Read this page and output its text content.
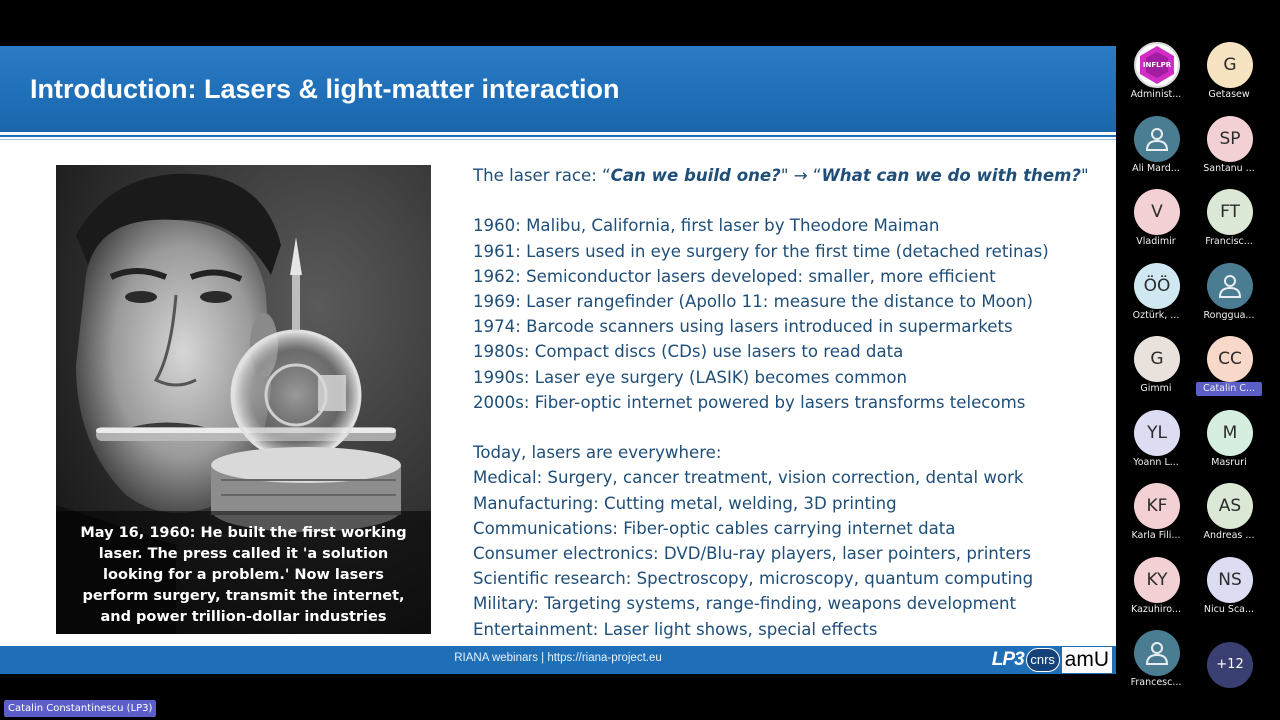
Introduction: Lasers & light-matter interaction
May 16, 1960: He built the first working laser. The press called it 'a solution looking for a problem.' Now lasers perform surgery, transmit the internet, and power trillion-dollar industries
The laser race: “Can we build one?" → “What can we do with them?"
1960: Malibu, California, first laser by Theodore Maiman
1961: Lasers used in eye surgery for the first time (detached retinas)
1962: Semiconductor lasers developed: smaller, more efficient
1969: Laser rangefinder (Apollo 11: measure the distance to Moon)
1974: Barcode scanners using lasers introduced in supermarkets
1980s: Compact discs (CDs) use lasers to read data
1990s: Laser eye surgery (LASIK) becomes common
2000s: Fiber-optic internet powered by lasers transforms telecoms
Today, lasers are everywhere:
Medical: Surgery, cancer treatment, vision correction, dental work
Manufacturing: Cutting metal, welding, 3D printing
Communications: Fiber-optic cables carrying internet data
Consumer electronics: DVD/Blu-ray players, laser pointers, printers
Scientific research: Spectroscopy, microscopy, quantum computing
Military: Targeting systems, range-finding, weapons development
Entertainment: Laser light shows, special effects
RIANA webinars | https://riana-project.eu	LP3 cnrs amU
INFLPR
Administ...
G
Getasew
Ali Mard...
SP
Santanu ...
V
Vladimir
FT
Francisc...
ÖÖ
Öztürk, ...	Ronggua...
G
Gimmi
CC
Catalin C...
YL
Yoann L...
M
Masruri
KF
Karla Fili...
AS
Andreas ...
KY
Kazuhiro...
NS
Nicu Sca...
Francesc...
+12
Catalin Constantinescu (LP3)
